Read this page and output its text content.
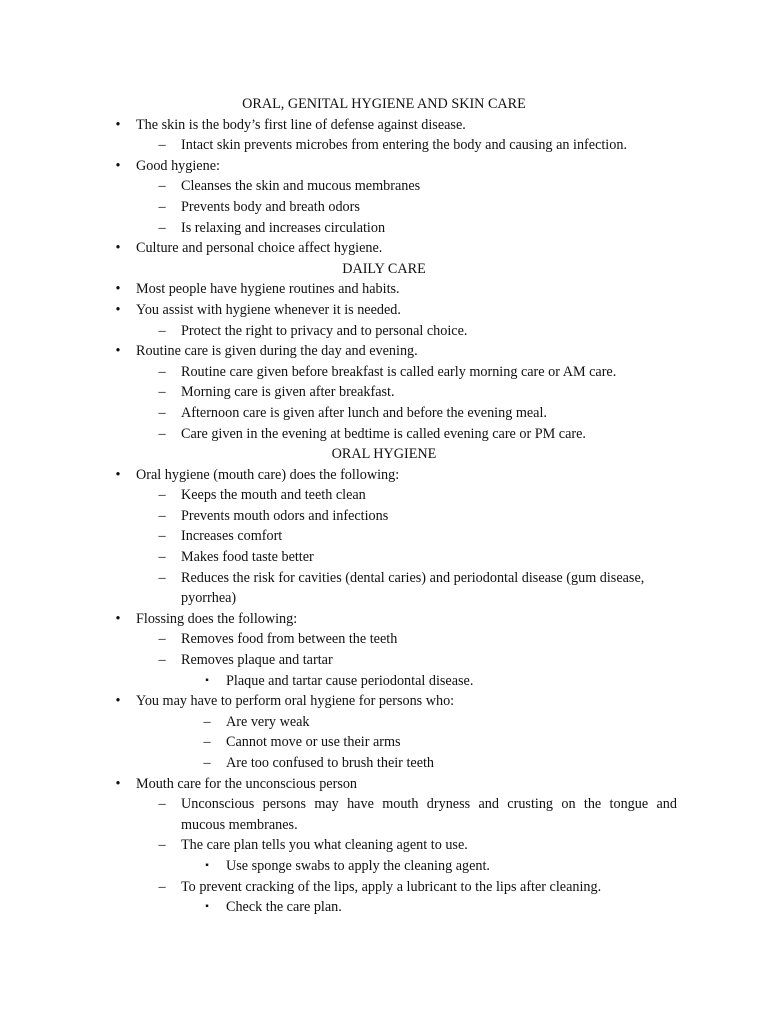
ORAL, GENITAL HYGIENE AND SKIN CARE
•	The skin is the body’s first line of defense against disease.
– Intact skin prevents microbes from entering the body and causing an infection.
•	Good hygiene:
– Cleanses the skin and mucous membranes
– Prevents body and breath odors
– Is relaxing and increases circulation
•	Culture and personal choice affect hygiene.
DAILY CARE
•	Most people have hygiene routines and habits.
•	You assist with hygiene whenever it is needed.
– Protect the right to privacy and to personal choice.
•	Routine care is given during the day and evening.
– Routine care given before breakfast is called early morning care or AM care.
– Morning care is given after breakfast.
– Afternoon care is given after lunch and before the evening meal.
– Care given in the evening at bedtime is called evening care or PM care.
ORAL HYGIENE
•	Oral hygiene (mouth care) does the following:
– Keeps the mouth and teeth clean
– Prevents mouth odors and infections
– Increases comfort
– Makes food taste better
– Reduces the risk for cavities (dental caries) and periodontal disease (gum disease,
pyorrhea)
•	Flossing does the following:
– Removes food from between the teeth
– Removes plaque and tartar
▪	Plaque and tartar cause periodontal disease.
•	You may have to perform oral hygiene for persons who:
– Are very weak
– Cannot move or use their arms
– Are too confused to brush their teeth
•	Mouth care for the unconscious person
– Unconscious persons may have mouth dryness and crusting on the tongue and
mucous membranes.
– The care plan tells you what cleaning agent to use.
▪	Use sponge swabs to apply the cleaning agent.
– To prevent cracking of the lips, apply a lubricant to the lips after cleaning.
▪	Check the care plan.
